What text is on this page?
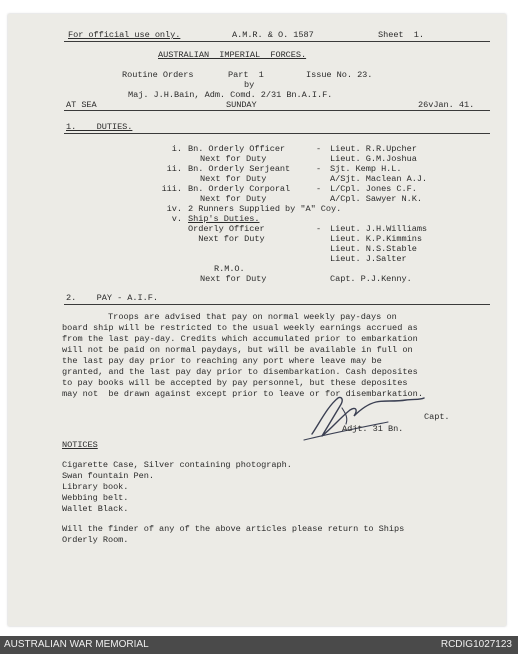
For official use only.	A.M.R. & O. 1587	Sheet  1.
AUSTRALIAN  IMPERIAL  FORCES.
Routine Orders	Part  1	Issue No. 23.
by
Maj. J.H.Bain, Adm. Comd. 2/31 Bn.A.I.F.
AT SEA	SUNDAY	26vJan. 41.
1.    DUTIES.
i. Bn. Orderly Officer	- Lieut. R.R.Upcher
Next for Duty	Lieut. G.M.Joshua
ii. Bn. Orderly Serjeant	- Sjt. Kemp H.L.
Next for Duty	A/Sjt. Maclean A.J.
iii. Bn. Orderly Corporal	- L/Cpl. Jones C.F.
Next for Duty	A/Cpl. Sawyer N.K.
iv. 2 Runners Supplied by "A" Coy.
v. Ship's Duties.
Orderly Officer	- Lieut. J.H.Williams
Next for Duty	Lieut. K.P.Kimmins
Lieut. N.S.Stable
Lieut. J.Salter
R.M.O.
Next for Duty	Capt. P.J.Kenny.
2.    PAY - A.I.F.
Troops are advised that pay on normal weekly pay-days on
board ship will be restricted to the usual weekly earnings accrued as
from the last pay-day. Credits which accumulated prior to embarkation
will not be paid on normal paydays, but will be available in full on
the last pay day prior to reaching any port where leave may be
granted, and the last pay day prior to disembarkation. Cash deposites
to pay books will be accepted by pay personnel, but these deposites
may not  be drawn against except prior to leave or for disembarkation.
Capt.
Adjt. 31 Bn.
NOTICES
Cigarette Case, Silver containing photograph.
Swan fountain Pen.
Library book.
Webbing belt.
Wallet Black.
Will the finder of any of the above articles please return to Ships
Orderly Room.
AUSTRALIAN WAR MEMORIAL	RCDIG1027123
